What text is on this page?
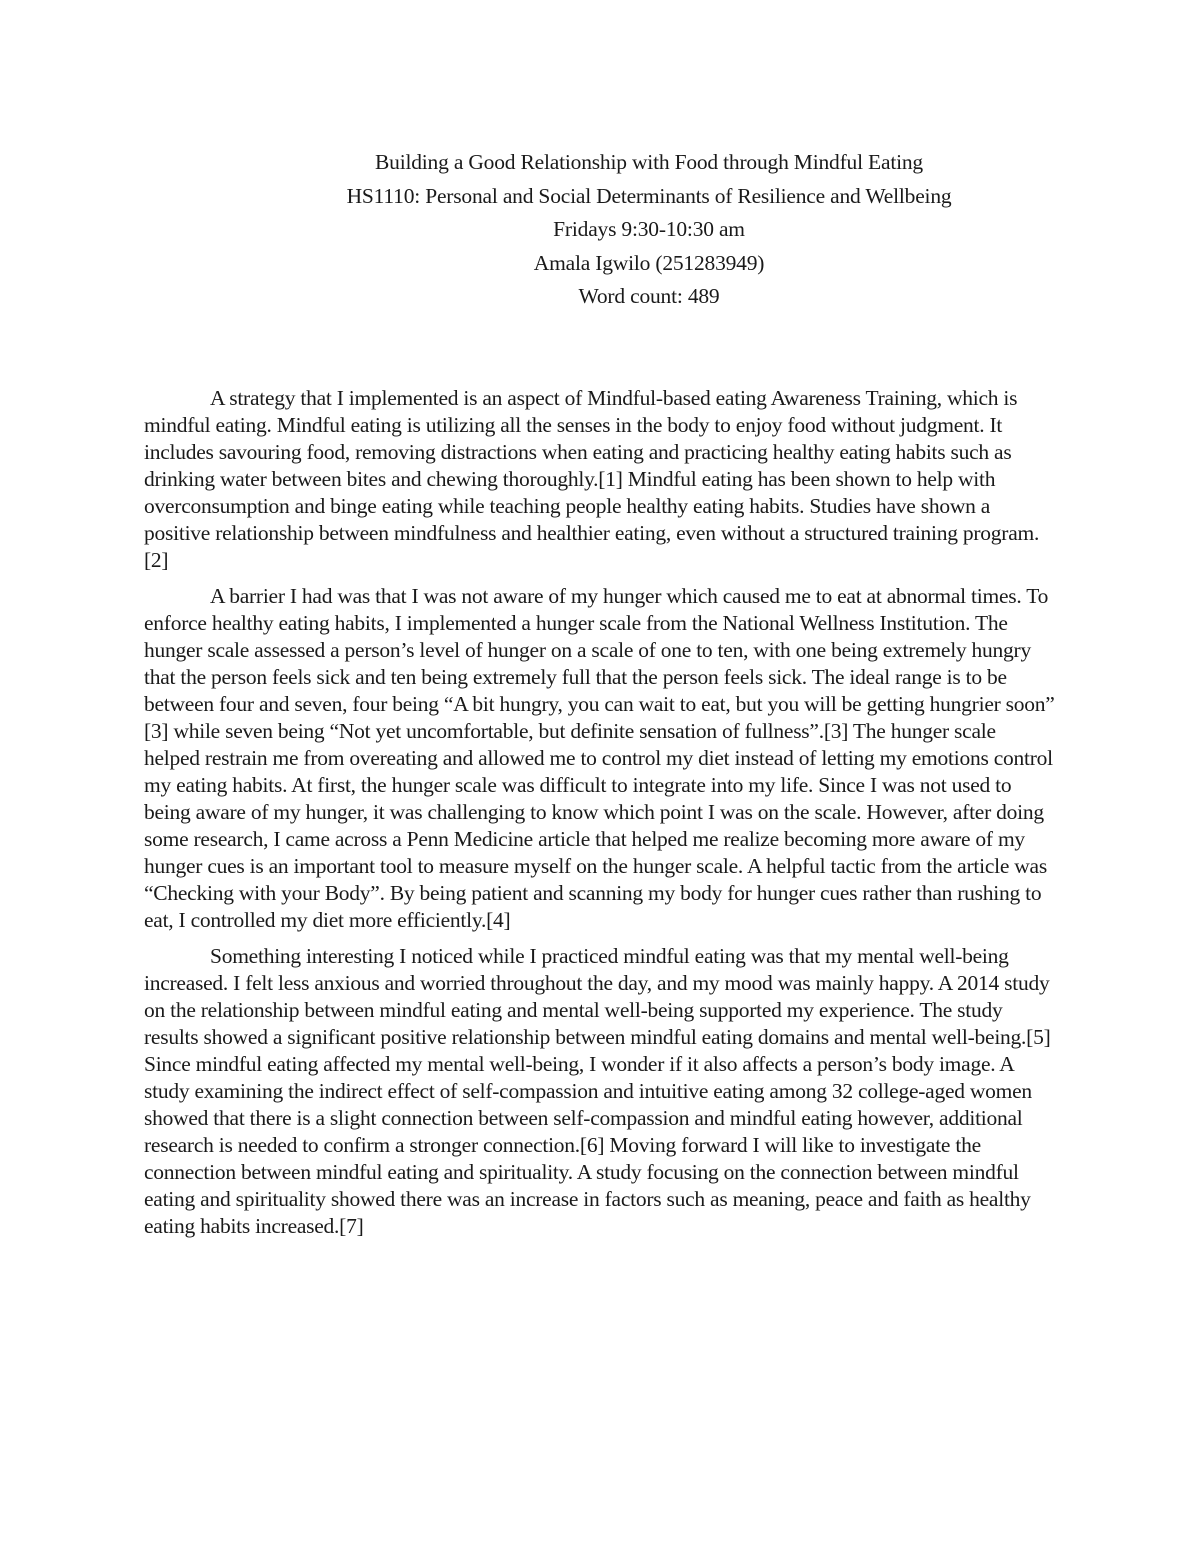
Building a Good Relationship with Food through Mindful Eating
HS1110: Personal and Social Determinants of Resilience and Wellbeing
Fridays 9:30-10:30 am
Amala Igwilo (251283949)
Word count: 489

A strategy that I implemented is an aspect of Mindful-based eating Awareness Training, which is mindful eating. Mindful eating is utilizing all the senses in the body to enjoy food without judgment. It includes savouring food, removing distractions when eating and practicing healthy eating habits such as drinking water between bites and chewing thoroughly.[1] Mindful eating has been shown to help with overconsumption and binge eating while teaching people healthy eating habits. Studies have shown a positive relationship between mindfulness and healthier eating, even without a structured training program.[2]

A barrier I had was that I was not aware of my hunger which caused me to eat at abnormal times. To enforce healthy eating habits, I implemented a hunger scale from the National Wellness Institution. The hunger scale assessed a person’s level of hunger on a scale of one to ten, with one being extremely hungry that the person feels sick and ten being extremely full that the person feels sick. The ideal range is to be between four and seven, four being “A bit hungry, you can wait to eat, but you will be getting hungrier soon” [3] while seven being “Not yet uncomfortable, but definite sensation of fullness”.[3] The hunger scale helped restrain me from overeating and allowed me to control my diet instead of letting my emotions control my eating habits. At first, the hunger scale was difficult to integrate into my life. Since I was not used to being aware of my hunger, it was challenging to know which point I was on the scale. However, after doing some research, I came across a Penn Medicine article that helped me realize becoming more aware of my hunger cues is an important tool to measure myself on the hunger scale. A helpful tactic from the article was “Checking with your Body”. By being patient and scanning my body for hunger cues rather than rushing to eat, I controlled my diet more efficiently.[4]

Something interesting I noticed while I practiced mindful eating was that my mental well-being increased. I felt less anxious and worried throughout the day, and my mood was mainly happy. A 2014 study on the relationship between mindful eating and mental well-being supported my experience. The study results showed a significant positive relationship between mindful eating domains and mental well-being.[5] Since mindful eating affected my mental well-being, I wonder if it also affects a person’s body image. A study examining the indirect effect of self-compassion and intuitive eating among 32 college-aged women showed that there is a slight connection between self-compassion and mindful eating however, additional research is needed to confirm a stronger connection.[6] Moving forward I will like to investigate the connection between mindful eating and spirituality. A study focusing on the connection between mindful eating and spirituality showed there was an increase in factors such as meaning, peace and faith as healthy eating habits increased.[7]
